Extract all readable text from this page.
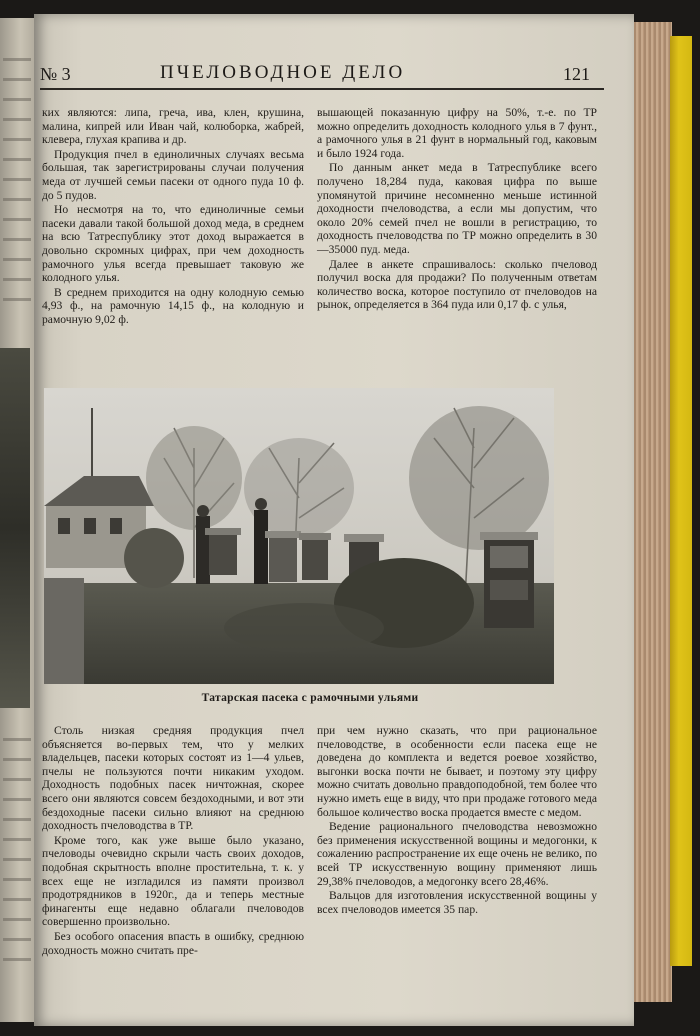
№ 3	ПЧЕЛОВОДНОЕ ДЕЛО	121

ких являются: липа, греча, ива, клен, крушина, малина, кипрей или Иван чай, колюборка, жабрей, клевера, глухая крапива и др.

Продукция пчел в единоличных случаях весьма большая, так зарегистрированы случаи получения меда от лучшей семьи пасеки от одного пуда 10 ф. до 5 пудов.

Но несмотря на то, что единоличные семьи пасеки давали такой большой доход меда, в среднем на всю Татреспублику этот доход выражается в довольно скромных цифрах, при чем доходность рамочного улья всегда превышает таковую же колодного улья.

В среднем приходится на одну колодную семью 4,93 ф., на рамочную 14,15 ф., на колодную и рамочную 9,02 ф.

вышающей показанную цифру на 50%, т.-е. по ТР можно определить доходность колодного улья в 7 фунт., а рамочного улья в 21 фунт в нормальный год, каковым и было 1924 года.

По данным анкет меда в Татреспублике всего получено 18,284 пуда, каковая цифра по выше упомянутой причине несомненно меньше истинной доходности пчеловодства, а если мы допустим, что около 20% семей пчел не вошли в регистрацию, то доходность пчеловодства по ТР можно определить в 30—35000 пуд. меда.

Далее в анкете спрашивалось: сколько пчеловод получил воска для продажи? По полученным ответам количество воска, которое поступило от пчеловодов на рынок, определяется в 364 пуда или 0,17 ф. с улья,

Татарская пасека с рамочными ульями

Столь низкая средняя продукция пчел объясняется во-первых тем, что у мелких владельцев, пасеки которых состоят из 1—4 ульев, пчелы не пользуются почти никаким уходом. Доходность подобных пасек ничтожная, скорее всего они являются совсем бездоходными, и вот эти бездоходные пасеки сильно влияют на среднюю доходность пчеловодства в ТР.

Кроме того, как уже выше было указано, пчеловоды очевидно скрыли часть своих доходов, подобная скрытность вполне простительна, т. к. у всех еще не изгладился из памяти произвол продотрядников в 1920г., да и теперь местные финагенты еще недавно облагали пчеловодов совершенно произвольно.

Без особого опасения впасть в ошибку, среднюю доходность можно считать пре-

при чем нужно сказать, что при рациональное пчеловодстве, в особенности если пасека еще не доведена до комплекта и ведется роевое хозяйство, выгонки воска почти не бывает, и поэтому эту цифру можно считать довольно правдоподобной, тем более что нужно иметь еще в виду, что при продаже готового меда большое количество воска продается вместе с медом.

Ведение рационального пчеловодства невозможно без применения искусственной вощины и медогонки, к сожалению распространение их еще очень не велико, по всей ТР искусственную вощину применяют лишь 29,38% пчеловодов, а медогонку всего 28,46%.

Вальцов для изготовления искусственной вощины у всех пчеловодов имеется 35 пар.
